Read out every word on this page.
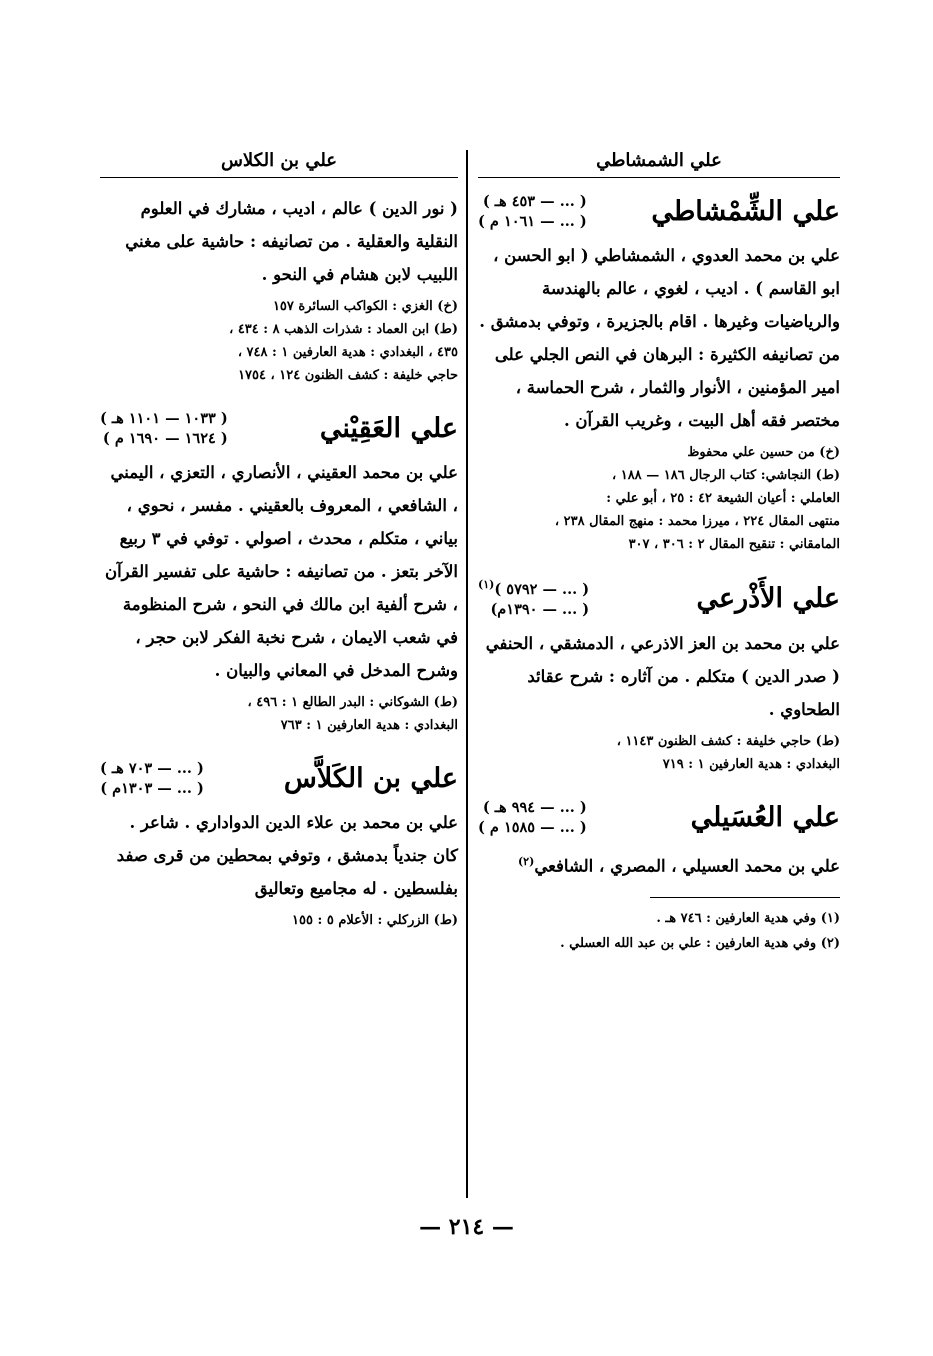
علي الشمشاطي
علي الشِّمْشاطي
( ... — ٤٥٣ هـ )
( ... — ١٠٦١ م )
علي بن محمد العدوي ، الشمشاطي ( ابو الحسن ، ابو القاسم ) . اديب ، لغوي ، عالم بالهندسة والرياضيات وغيرها . اقام بالجزيرة ، وتوفي بدمشق . من تصانيفه الكثيرة : البرهان في النص الجلي على امير المؤمنين ، الأنوار والثمار ، شرح الحماسة ، مختصر فقه أهل البيت ، وغريب القرآن .
(خ) من حسين علي محفوظ
(ط) النجاشي: كتاب الرجال ١٨٦ — ١٨٨ ،
العاملي : أعيان الشيعة ٤٢ : ٢٥ ، أبو علي :
منتهى المقال ٢٢٤ ، ميرزا محمد : منهج المقال ٢٣٨ ،
المامقاني : تنقيح المقال ٢ : ٣٠٦ ، ٣٠٧
علي الأَذْرعي
( ... — ٥٧٩٢ )$^{(١)}$
( ... — ١٣٩٠م)
علي بن محمد بن العز الاذرعي ، الدمشقي ، الحنفي ( صدر الدين ) متكلم . من آثاره : شرح عقائد الطحاوي .
(ط) حاجي خليفة : كشف الظنون ١١٤٣ ،
البغدادي : هدية العارفين ١ : ٧١٩
علي العُسَيلي
( ... — ٩٩٤ هـ )
( ... — ١٥٨٥ م )
علي بن محمد العسيلي ، المصري ، الشافعي$^{(٢)}$
(١) وفي هدية العارفين : ٧٤٦ هـ .
(٢) وفي هدية العارفين : علي بن عبد الله العسلي .
علي بن الكلاس
( نور الدين ) عالم ، اديب ، مشارك في العلوم النقلية والعقلية . من تصانيفه : حاشية على مغني اللبيب لابن هشام في النحو .
(خ) الغزي : الكواكب السائرة ١٥٧
(ط) ابن العماد : شذرات الذهب ٨ : ٤٣٤ ،
٤٣٥ ، البغدادي : هدية العارفين ١ : ٧٤٨ ،
حاجي خليفة : كشف الظنون ١٢٤ ، ١٧٥٤
علي العَقِيْني
( ١٠٣٣ — ١١٠١ هـ )
( ١٦٢٤ — ١٦٩٠ م )
علي بن محمد العقيني ، الأنصاري ، التعزي ، اليمني ، الشافعي ، المعروف بالعقيني . مفسر ، نحوي ، بياني ، متكلم ، محدث ، اصولي . توفي في ٣ ربيع الآخر بتعز . من تصانيفه : حاشية على تفسير القرآن ، شرح ألفية ابن مالك في النحو ، شرح المنظومة في شعب الايمان ، شرح نخبة الفكر لابن حجر ، وشرح المدخل في المعاني والبيان .
(ط) الشوكاني : البدر الطالع ١ : ٤٩٦ ،
البغدادي : هدية العارفين ١ : ٧٦٣
علي بن الكَلاَّس
( ... — ٧٠٣ هـ )
( ... — ١٣٠٣م )
علي بن محمد بن علاء الدين الدواداري . شاعر . كان جندياً بدمشق ، وتوفي بمحطين من قرى صفد بفلسطين . له مجاميع وتعاليق
(ط) الزركلي : الأعلام ٥ : ١٥٥
— ٢١٤ —
